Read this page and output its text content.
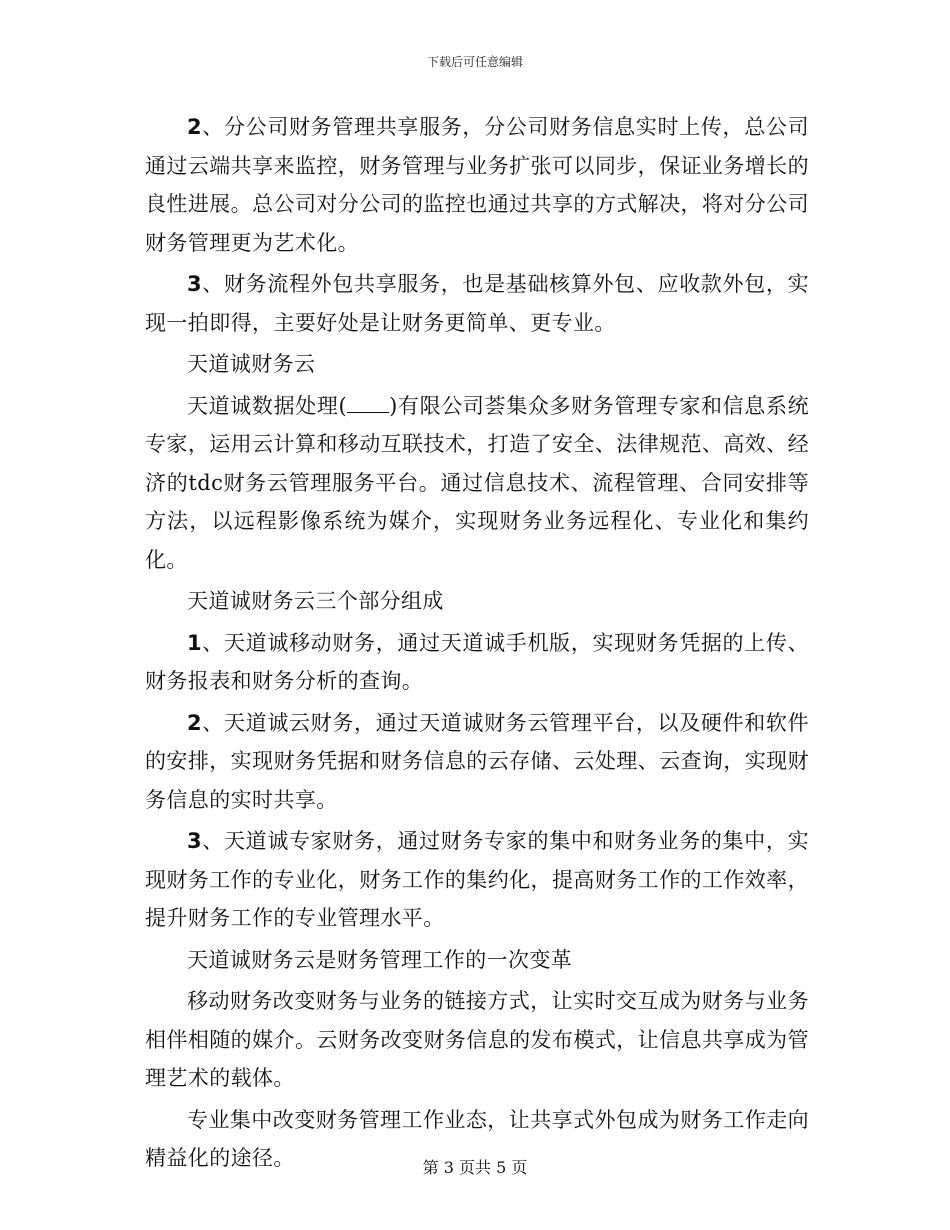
下载后可任意编辑

2、分公司财务管理共享服务，分公司财务信息实时上传，总公司通过云端共享来监控，财务管理与业务扩张可以同步，保证业务增长的良性进展。总公司对分公司的监控也通过共享的方式解决，将对分公司财务管理更为艺术化。

3、财务流程外包共享服务，也是基础核算外包、应收款外包，实现一拍即得，主要好处是让财务更简单、更专业。

天道诚财务云

天道诚数据处理( )有限公司荟集众多财务管理专家和信息系统专家，运用云计算和移动互联技术，打造了安全、法律规范、高效、经济的tdc财务云管理服务平台。通过信息技术、流程管理、合同安排等方法，以远程影像系统为媒介，实现财务业务远程化、专业化和集约化。

天道诚财务云三个部分组成

1、天道诚移动财务，通过天道诚手机版，实现财务凭据的上传、财务报表和财务分析的查询。

2、天道诚云财务，通过天道诚财务云管理平台，以及硬件和软件的安排，实现财务凭据和财务信息的云存储、云处理、云查询，实现财务信息的实时共享。

3、天道诚专家财务，通过财务专家的集中和财务业务的集中，实现财务工作的专业化，财务工作的集约化，提高财务工作的工作效率，提升财务工作的专业管理水平。

天道诚财务云是财务管理工作的一次变革

移动财务改变财务与业务的链接方式，让实时交互成为财务与业务相伴相随的媒介。云财务改变财务信息的发布模式，让信息共享成为管理艺术的载体。

专业集中改变财务管理工作业态，让共享式外包成为财务工作走向精益化的途径。	第 3 页共 5 页
